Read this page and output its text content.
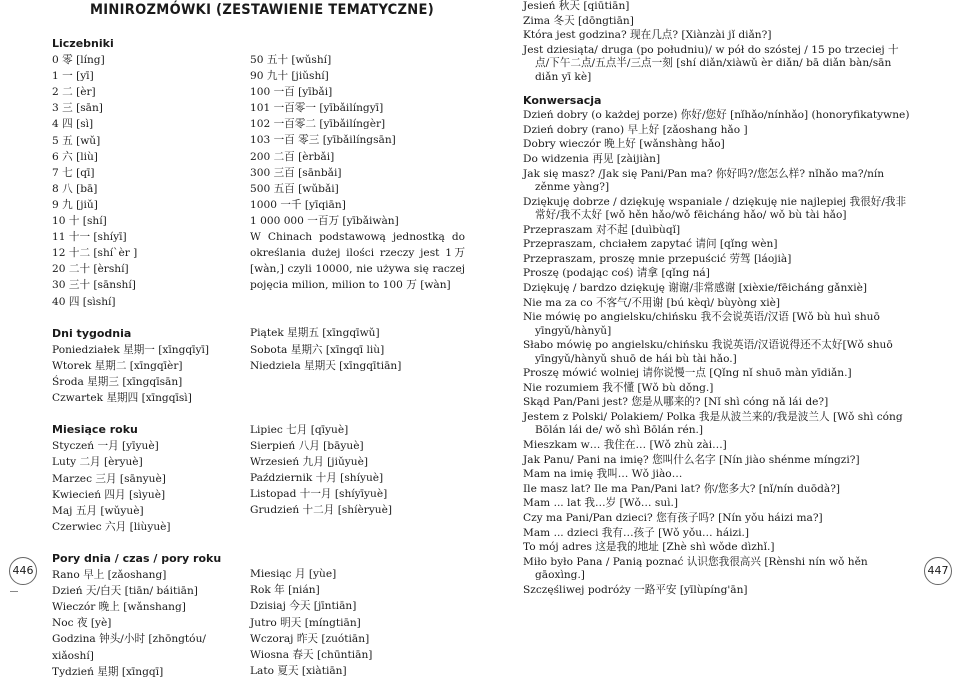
MINIROZMÓWKI (ZESTAWIENIE TEMATYCZNE)
Liczebniki
0 零 [líng]
1 一 [yī]
2 二 [èr]
3 三 [sān]
4 四 [sì]
5 五 [wǔ]
6 六 [liù]
7 七 [qī]
8 八 [bā]
9 九 [jiǔ]
10 十 [shí]
11 十一 [shíyī]
12 十二 [shí`èr ]
20 二十 [èrshí]
30 三十 [sānshí]
40 四 [sìshí]
Dni tygodnia
Poniedziałek 星期一 [xīngqīyī]
Wtorek 星期二 [xīngqīèr]
Środa 星期三 [xīngqīsān]
Czwartek 星期四 [xīngqīsì]
Miesiące roku
Styczeń 一月 [yīyuè]
Luty 二月 [èryuè]
Marzec 三月 [sānyuè]
Kwiecień 四月 [sìyuè]
Maj 五月 [wǔyuè]
Czerwiec 六月 [liùyuè]
Pory dnia / czas / pory roku
Rano 早上 [zǎoshang]
Dzień 天/白天 [tiān/ báitiān]
Wieczór 晚上 [wǎnshang]
Noc 夜 [yè]
Godzina 钟头/小时 [zhōngtóu/
xiǎoshí]
Tydzień 星期 [xīngqī]
50 五十 [wǔshí]
90 九十 [jiǔshí]
100 一百 [yībǎi]
101 一百零一 [yībǎilíngyī]
102 一百零二 [yībǎilíngèr]
103 一百 零三 [yībǎilíngsān]
200 二百 [èrbǎi]
300 三百 [sānbǎi]
500 五百 [wǔbǎi]
1000 一千 [yīqiān]
1 000 000 一百万 [yībǎiwàn]
W Chinach podstawową jednostką do określania dużej ilości rzeczy jest 1万 [wàn,] czyli 10000, nie używa się raczej pojęcia milion, milion to 100 万 [wàn]
Piątek 星期五 [xīngqīwǔ]
Sobota 星期六 [xīngqī liù]
Niedziela 星期天 [xīngqītiān]
Lipiec 七月 [qīyuè]
Sierpień 八月 [bāyuè]
Wrzesień 九月 [jiǔyuè]
Październik 十月 [shíyuè]
Listopad 十一月 [shíyīyuè]
Grudzień 十二月 [shíèryuè]
Miesiąc 月 [yùe]
Rok 年 [nián]
Dzisiaj 今天 [jīntiān]
Jutro 明天 [míngtiān]
Wczoraj 昨天 [zuótiān]
Wiosna 春天 [chūntiān]
Lato 夏天 [xiàtiān]
Jesień 秋天 [qiūtiān]
Zima 冬天 [dōngtiān]
Która jest godzina? 现在几点? [Xiànzài jǐ diǎn?]
Jest dziesiąta/ druga (po południu)/ w pół do szóstej / 15 po trzeciej 十点/下午二点/五点半/三点一刻 [shí diǎn/xiàwǔ èr diǎn/ bā diǎn bàn/sān diǎn yī kè]
Konwersacja
Dzień dobry (o każdej porze) 你好/您好 [nǐhǎo/nínhǎo] (honoryfikatywne)
Dzień dobry (rano) 早上好 [zǎoshang hǎo ]
Dobry wieczór 晚上好 [wǎnshàng hǎo]
Do widzenia 再见 [zàijiàn]
Jak się masz? /Jak się Pani/Pan ma? 你好吗?/您怎么样? nǐhǎo ma?/nín zěnme yàng?]
Dziękuję dobrze / dziękuję wspaniale / dziękuję nie najlepiej 我很好/我非常好/我不太好 [wǒ hěn hǎo/wǒ fēicháng hǎo/ wǒ bù tài hǎo]
Przepraszam 对不起 [duìbùqǐ]
Przepraszam, chciałem zapytać 请问 [qǐng wèn]
Przepraszam, proszę mnie przepuścić 劳驾 [láojià]
Proszę (podając coś) 请拿 [qǐng ná]
Dziękuję / bardzo dziękuję 谢谢/非常感谢 [xièxie/fēicháng gǎnxiè]
Nie ma za co 不客气/不用谢 [bú kèqì/ bùyòng xiè]
Nie mówię po angielsku/chińsku 我不会说英语/汉语 [Wǒ bù huì shuō yīngyǔ/hànyǔ]
Słabo mówię po angielsku/chińsku 我说英语/汉语说得还不太好[Wǒ shuō yīngyǔ/hànyǔ shuō de hái bù tài hǎo.]
Proszę mówić wolniej 请你说慢一点 [Qǐng nǐ shuō màn yīdiǎn.]
Nie rozumiem 我不懂 [Wǒ bù dǒng.]
Skąd Pan/Pani jest? 您是从哪来的? [Nǐ shì cóng nǎ lái de?]
Jestem z Polski/ Polakiem/ Polka 我是从波兰来的/我是波兰人 [Wǒ shì cóng Bōlán lái de/ wǒ shì Bōlán rén.]
Mieszkam w… 我住在… [Wǒ zhù zài…]
Jak Panu/ Pani na imię? 您叫什么名字 [Nín jiào shénme míngzi?]
Mam na imię 我叫… Wǒ jiào…
Ile masz lat? Ile ma Pan/Pani lat? 你/您多大? [nǐ/nín duōdà?]
Mam ... lat 我…岁 [Wǒ… suì.]
Czy ma Pani/Pan dzieci? 您有孩子吗? [Nín yǒu háizi ma?]
Mam ... dzieci 我有…孩子 [Wǒ yǒu… háizi.]
To mój adres 这是我的地址 [Zhè shì wǒde dìzhǐ.]
Miło było Pana / Panią poznać 认识您我很高兴 [Rènshi nín wǒ hěn gāoxìng.]
Szczęśliwej podróży 一路平安 [yīlùpíng'ān]
446	447
